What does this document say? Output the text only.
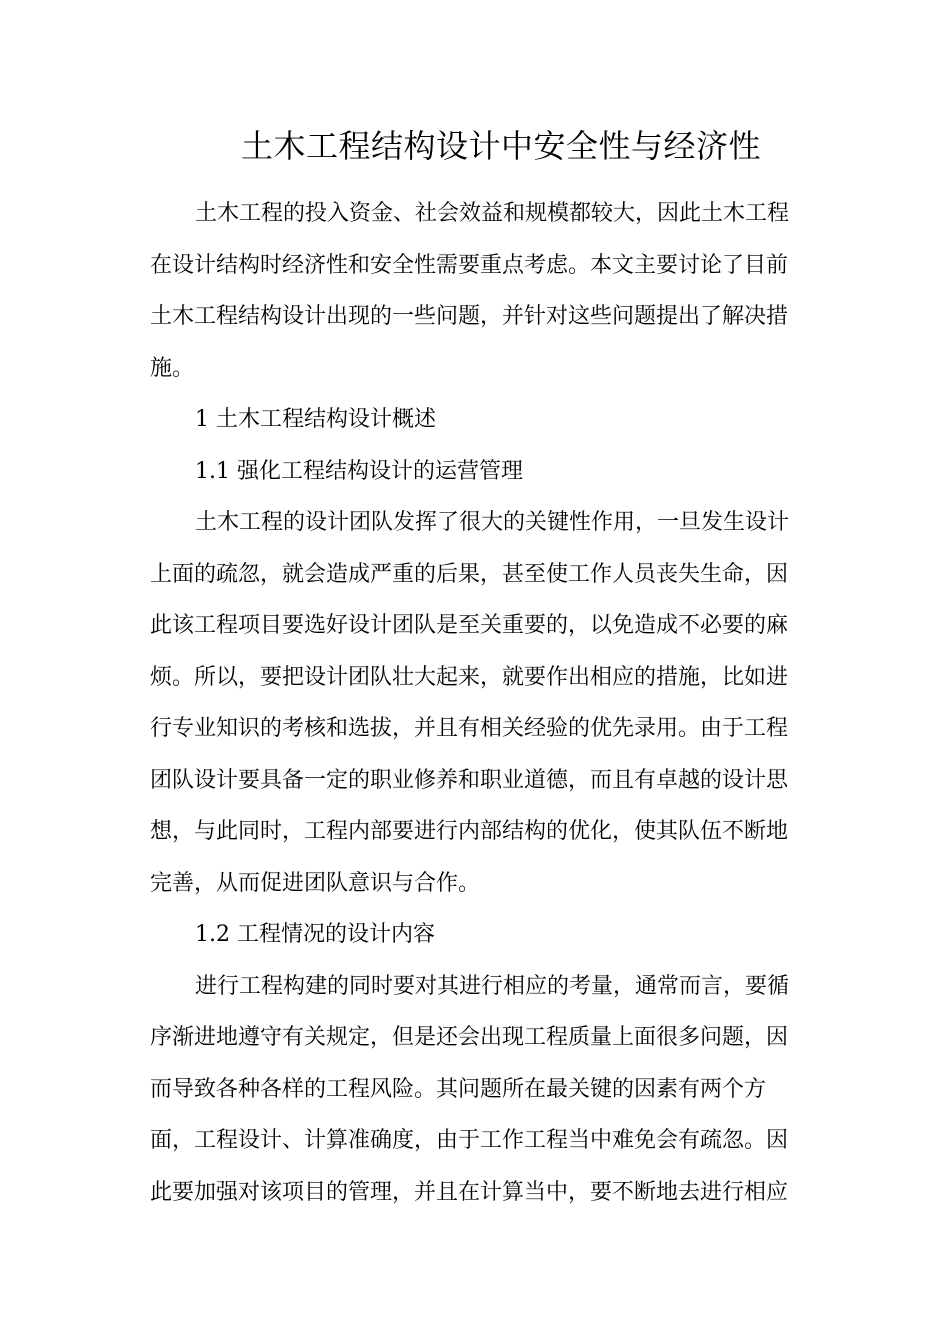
土木工程结构设计中安全性与经济性
土木工程的投入资金、社会效益和规模都较大，因此土木工程
在设计结构时经济性和安全性需要重点考虑。本文主要讨论了目前
土木工程结构设计出现的一些问题，并针对这些问题提出了解决措
施。
1 土木工程结构设计概述
1.1 强化工程结构设计的运营管理
土木工程的设计团队发挥了很大的关键性作用，一旦发生设计
上面的疏忽，就会造成严重的后果，甚至使工作人员丧失生命，因
此该工程项目要选好设计团队是至关重要的，以免造成不必要的麻
烦。所以，要把设计团队壮大起来，就要作出相应的措施，比如进
行专业知识的考核和选拔，并且有相关经验的优先录用。由于工程
团队设计要具备一定的职业修养和职业道德，而且有卓越的设计思
想，与此同时，工程内部要进行内部结构的优化，使其队伍不断地
完善，从而促进团队意识与合作。
1.2 工程情况的设计内容
进行工程构建的同时要对其进行相应的考量，通常而言，要循
序渐进地遵守有关规定，但是还会出现工程质量上面很多问题，因
而导致各种各样的工程风险。其问题所在最关键的因素有两个方
面，工程设计、计算准确度，由于工作工程当中难免会有疏忽。因
此要加强对该项目的管理，并且在计算当中，要不断地去进行相应
